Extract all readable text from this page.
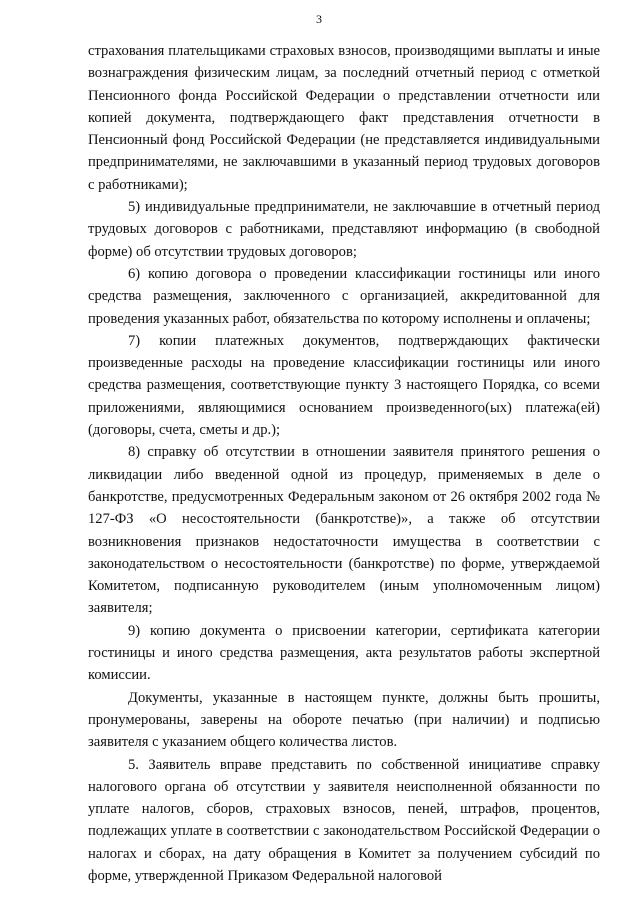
3

страхования плательщиками страховых взносов, производящими выплаты и иные вознаграждения физическим лицам, за последний отчетный период с отметкой Пенсионного фонда Российской Федерации о представлении отчетности или копией документа, подтверждающего факт представления отчетности в Пенсионный фонд Российской Федерации (не представляется индивидуальными предпринимателями, не заключавшими в указанный период трудовых договоров с работниками);

5) индивидуальные предприниматели, не заключавшие в отчетный период трудовых договоров с работниками, представляют информацию (в свободной форме) об отсутствии трудовых договоров;

6) копию договора о проведении классификации гостиницы или иного средства размещения, заключенного с организацией, аккредитованной для проведения указанных работ, обязательства по которому исполнены и оплачены;

7) копии платежных документов, подтверждающих фактически произведенные расходы на проведение классификации гостиницы или иного средства размещения, соответствующие пункту 3 настоящего Порядка, со всеми приложениями, являющимися основанием произведенного(ых) платежа(ей) (договоры, счета, сметы и др.);

8) справку об отсутствии в отношении заявителя принятого решения о ликвидации либо введенной одной из процедур, применяемых в деле о банкротстве, предусмотренных Федеральным законом от 26 октября 2002 года № 127-ФЗ «О несостоятельности (банкротстве)», а также об отсутствии возникновения признаков недостаточности имущества в соответствии с законодательством о несостоятельности (банкротстве) по форме, утверждаемой Комитетом, подписанную руководителем (иным уполномоченным лицом) заявителя;

9) копию документа о присвоении категории, сертификата категории гостиницы и иного средства размещения, акта результатов работы экспертной комиссии.

Документы, указанные в настоящем пункте, должны быть прошиты, пронумерованы, заверены на обороте печатью (при наличии) и подписью заявителя с указанием общего количества листов.

5. Заявитель вправе представить по собственной инициативе справку налогового органа об отсутствии у заявителя неисполненной обязанности по уплате налогов, сборов, страховых взносов, пеней, штрафов, процентов, подлежащих уплате в соответствии с законодательством Российской Федерации о налогах и сборах, на дату обращения в Комитет за получением субсидий по форме, утвержденной Приказом Федеральной налоговой
